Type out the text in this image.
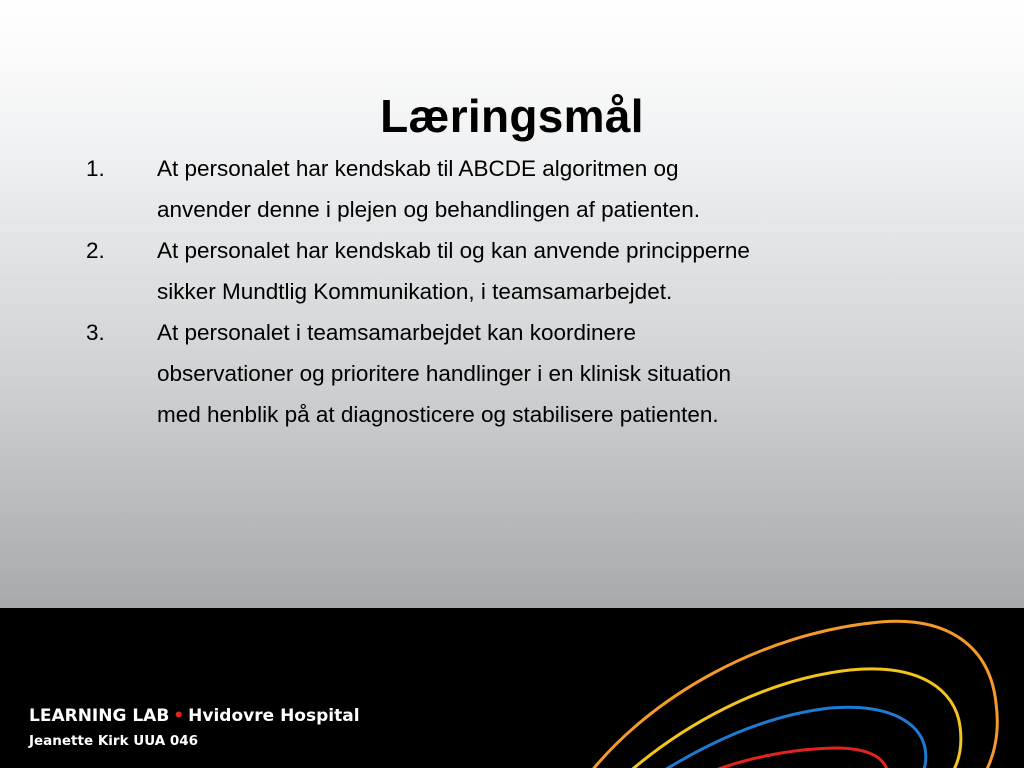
Læringsmål
1. At personalet har kendskab til ABCDE algoritmen og anvender denne i plejen og behandlingen af patienten.
2. At personalet har kendskab til og kan anvende principperne sikker Mundtlig Kommunikation, i teamsamarbejdet.
3. At personalet i teamsamarbejdet kan koordinere observationer og prioritere handlinger i en klinisk situation med henblik på at diagnosticere og stabilisere patienten.
LEARNING LAB • Hvidovre Hospital
Jeanette Kirk UUA 046
